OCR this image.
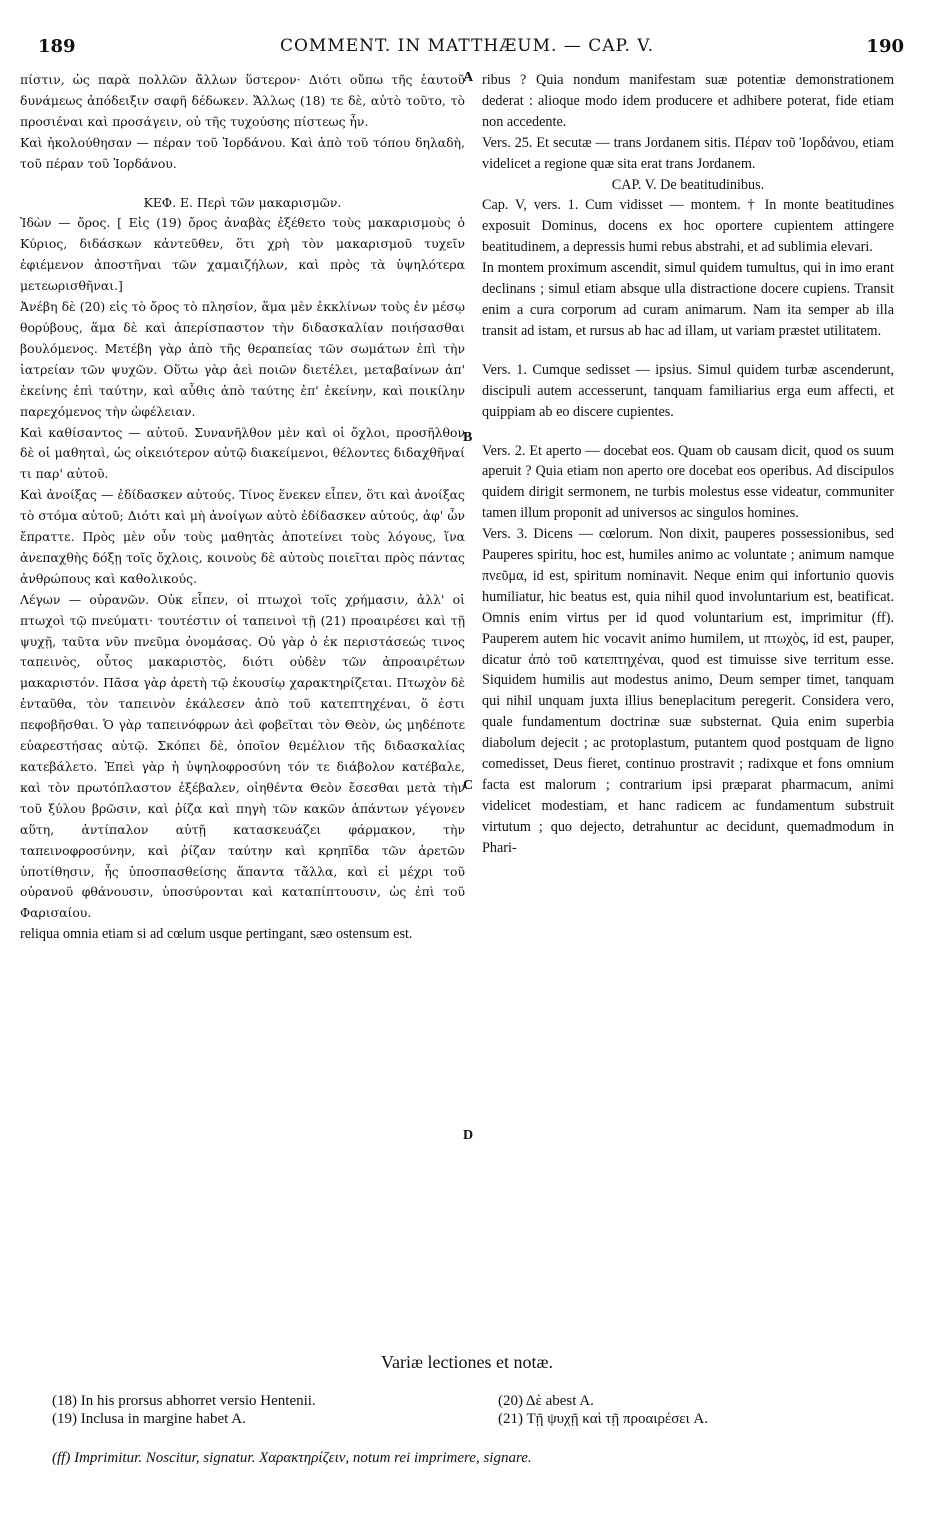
189	COMMENT. IN MATTHÆUM. — CAP. V.	190

πίστιν, ὡς παρὰ πολλῶν ἄλλων ὕστερον· Διότι οὔπω τῆς ἑαυτοῦ δυνάμεως ἀπόδειξιν σαφῆ δέδωκεν. Ἄλλως (18) τε δὲ, αὐτὸ τοῦτο, τὸ προσιέναι καὶ προσάγειν, οὐ τῆς τυχούσης πίστεως ἦν.

Καὶ ἠκολούθησαν — πέραν τοῦ Ἰορδάνου. Καὶ ἀπὸ τοῦ τόπου δηλαδὴ, τοῦ πέραν τοῦ Ἰορδάνου.

ΚΕΦ. Ε. Περὶ τῶν μακαρισμῶν.

Ἰδὼν — ὄρος. [ Εἰς (19) ὄρος ἀναβὰς ἐξέθετο τοὺς μακαρισμοὺς ὁ Κύριος, διδάσκων κἀντεῦθεν, ὅτι χρὴ τὸν μακαρισμοῦ τυχεῖν ἐφιέμενον ἀποστῆναι τῶν χαμαιζήλων, καὶ πρὸς τὰ ὑψηλότερα μετεωρισθῆναι.]

Ἀνέβη δὲ (20) εἰς τὸ ὄρος τὸ πλησίον, ἅμα μὲν ἐκκλίνων τοὺς ἐν μέσῳ θορύβους, ἅμα δὲ καὶ ἀπερίσπαστον τὴν διδασκαλίαν ποιήσασθαι βουλόμενος. Μετέβη γὰρ ἀπὸ τῆς θεραπείας τῶν σωμάτων ἐπὶ τὴν ἰατρείαν τῶν ψυχῶν. Οὕτω γὰρ ἀεὶ ποιῶν διετέλει, μεταβαίνων ἀπ' ἐκείνης ἐπὶ ταύτην, καὶ αὖθις ἀπὸ ταύτης ἐπ' ἐκείνην, καὶ ποικίλην παρεχόμενος τὴν ὠφέλειαν.

Καὶ καθίσαντος — αὐτοῦ. Συνανῆλθον μὲν καὶ οἱ ὄχλοι, προσῆλθον δὲ οἱ μαθηταὶ, ὡς οἰκειότερον αὐτῷ διακείμενοι, θέλοντες διδαχθῆναί τι παρ' αὐτοῦ.

Καὶ ἀνοίξας — ἐδίδασκεν αὐτούς. Τίνος ἕνεκεν εἶπεν, ὅτι καὶ ἀνοίξας τὸ στόμα αὐτοῦ; Διότι καὶ μὴ ἀνοίγων αὐτὸ ἐδίδασκεν αὐτούς, ἀφ' ὧν ἔπραττε. Πρὸς μὲν οὖν τοὺς μαθητὰς ἀποτείνει τοὺς λόγους, ἵνα ἀνεπαχθὴς δόξῃ τοῖς ὄχλοις, κοινοὺς δὲ αὐτοὺς ποιεῖται πρὸς πάντας ἀνθρώπους καὶ καθολικούς.

Λέγων — οὐρανῶν. Οὐκ εἶπεν, οἱ πτωχοὶ τοῖς χρήμασιν, ἀλλ' οἱ πτωχοὶ τῷ πνεύματι· τουτέστιν οἱ ταπεινοὶ τῇ (21) προαιρέσει καὶ τῇ ψυχῇ, ταῦτα νῦν πνεῦμα ὀνομάσας. Οὐ γὰρ ὁ ἐκ περιστάσεώς τινος ταπεινὸς, οὗτος μακαριστὸς, διότι οὐδὲν τῶν ἀπροαιρέτων μακαριστόν. Πᾶσα γὰρ ἀρετὴ τῷ ἑκουσίῳ χαρακτηρίζεται. Πτωχὸν δὲ ἐνταῦθα, τὸν ταπεινὸν ἐκάλεσεν ἀπὸ τοῦ κατεπτηχέναι, ὅ ἐστι πεφοβῆσθαι. Ὁ γὰρ ταπεινόφρων ἀεὶ φοβεῖται τὸν Θεὸν, ὡς μηδέποτε εὐαρεστήσας αὐτῷ. Σκόπει δὲ, ὁποῖον θεμέλιον τῆς διδασκαλίας κατεβάλετο. Ἐπεὶ γὰρ ἡ ὑψηλοφροσύνη τόν τε διάβολον κατέβαλε, καὶ τὸν πρωτόπλαστον ἐξέβαλεν, οἰηθέντα Θεὸν ἔσεσθαι μετὰ τὴν τοῦ ξύλου βρῶσιν, καὶ ῥίζα καὶ πηγὴ τῶν κακῶν ἁπάντων γέγονεν αὕτη, ἀντίπαλον αὐτῇ κατασκευάζει φάρμακον, τὴν ταπεινοφροσύνην, καὶ ῥίζαν ταύτην καὶ κρηπῖδα τῶν ἀρετῶν ὑποτίθησιν, ἧς ὑποσπασθείσης ἅπαντα τἄλλα, καὶ εἰ μέχρι τοῦ οὐρανοῦ φθάνουσιν, ὑποσύρονται καὶ καταπίπτουσιν, ὡς ἐπὶ τοῦ Φαρισαίου.

reliqua omnia etiam si ad cœlum usque pertingant, sæo ostensum est.

ribus ? Quia nondum manifestam suæ potentiæ demonstrationem dederat : alioque modo idem producere et adhibere poterat, fide etiam non accedente.

Vers. 25. Et secutæ — trans Jordanem sitis. Πέραν τοῦ Ἰορδάνου, etiam videlicet a regione quæ sita erat trans Jordanem.

CAP. V. De beatitudinibus.

Cap. V, vers. 1. Cum vidisset — montem. † In monte beatitudines exposuit Dominus, docens ex hoc oportere cupientem attingere beatitudinem, a depressis humi rebus abstrahi, et ad sublimia elevari.

In montem proximum ascendit, simul quidem tumultus, qui in imo erant declinans ; simul etiam absque ulla distractione docere cupiens. Transit enim a cura corporum ad curam animarum. Nam ita semper ab illa transit ad istam, et rursus ab hac ad illam, ut variam præstet utilitatem.

Vers. 1. Cumque sedisset — ipsius. Simul quidem turbæ ascenderunt, discipuli autem accesserunt, tanquam familiarius erga eum affecti, et quippiam ab eo discere cupientes.

Vers. 2. Et aperto — docebat eos. Quam ob causam dicit, quod os suum aperuit ? Quia etiam non aperto ore docebat eos operibus. Ad discipulos quidem dirigit sermonem, ne turbis molestus esse videatur, communiter tamen illum proponit ad universos ac singulos homines.

Vers. 3. Dicens — cœlorum. Non dixit, pauperes possessionibus, sed Pauperes spiritu, hoc est, humiles animo ac voluntate ; animum namque πνεῦμα, id est, spiritum nominavit. Neque enim qui infortunio quovis humiliatur, hic beatus est, quia nihil quod involuntarium est, beatificat. Omnis enim virtus per id quod voluntarium est, imprimitur (ff). Pauperem autem hic vocavit animo humilem, ut πτωχὸς, id est, pauper, dicatur ἀπὸ τοῦ κατεπτηχέναι, quod est timuisse sive territum esse. Siquidem humilis aut modestus animo, Deum semper timet, tanquam qui nihil unquam juxta illius beneplacitum peregerit. Considera vero, quale fundamentum doctrinæ suæ substernat. Quia enim superbia diabolum dejecit ; ac protoplastum, putantem quod postquam de ligno comedisset, Deus fieret, continuo prostravit ; radixque et fons omnium facta est malorum ; contrarium ipsi præparat pharmacum, animi videlicet modestiam, et hanc radicem ac fundamentum substruit virtutum ; quo dejecto, detrahuntur ac decidunt, quemadmodum in Phari-

A
B
C
D
Variæ lectiones et notæ.
(18) In his prorsus abhorret versio Hentenii.
(19) Inclusa in margine habet A.
(20) Δὲ abest A.
(21) Τῇ ψυχῇ καὶ τῇ προαιρέσει A.
(ff) Imprimitur. Noscitur, signatur. Χαρακτηρίζειν, notum rei imprimere, signare.
